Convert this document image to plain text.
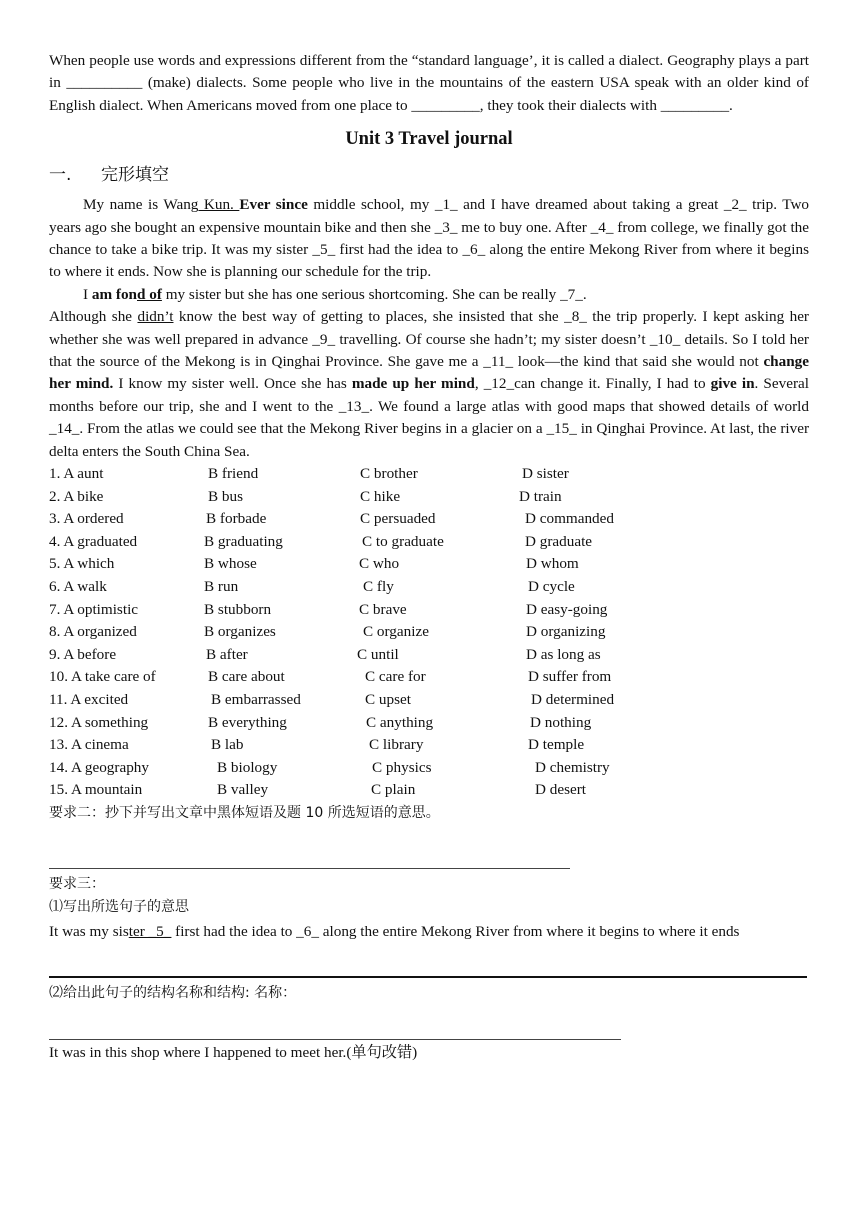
When people use words and expressions different from the “standard language’, it is called a dialect. Geography plays a part in __________ (make) dialects. Some people who live in the mountains of the eastern USA speak with an older kind of English dialect. When Americans moved from one place to _________, they took their dialects with _________.

Unit 3 Travel journal
一. 完形填空

My name is Wang Kun. Ever since middle school, my _1_ and I have dreamed about taking a great _2_ trip. Two years ago she bought an expensive mountain bike and then she _3_ me to buy one. After _4_ from college, we finally got the chance to take a bike trip. It was my sister _5_ first had the idea to _6_ along the entire Mekong River from where it begins to where it ends. Now she is planning our schedule for the trip.

I am fond of my sister but she has one serious shortcoming. She can be really _7_.

Although she didn’t know the best way of getting to places, she insisted that she _8_ the trip properly. I kept asking her whether she was well prepared in advance _9_ travelling. Of course she hadn’t; my sister doesn’t _10_ details. So I told her that the source of the Mekong is in Qinghai Province. She gave me a _11_ look—the kind that said she would not change her mind. I know my sister well. Once she has made up her mind, _12_can change it. Finally, I had to give in. Several months before our trip, she and I went to the _13_. We found a large atlas with good maps that showed details of world _14_. From the atlas we could see that the Mekong River begins in a glacier on a _15_ in Qinghai Province. At last, the river delta enters the South China Sea.

1. A aunt	B friend	C brother	D sister
2. A bike	B bus	C hike	D train
3. A ordered	B forbade	C persuaded	D commanded
4. A graduated	B graduating	C to graduate	D graduate
5. A which	B whose	C who	D whom
6. A walk	B run	C fly	D cycle
7. A optimistic	B stubborn	C brave	D easy-going
8. A organized	B organizes	C organize	D organizing
9. A before	B after	C until	D as long as
10. A take care of	B care about	C care for	D suffer from
11. A excited	B embarrassed	C upset	D determined
12. A something	B everything	C anything	D nothing
13. A cinema	B lab	C library	D temple
14. A geography	B biology	C physics	D chemistry
15. A mountain	B valley	C plain	D desert
要求二：抄下并写出文章中黑体短语及题 10 所选短语的意思。
要求三：
⑴写出所选句子的意思

It was my sister _5_ first had the idea to _6_ along the entire Mekong River from where it begins to where it ends

⑵给出此句子的结构名称和结构: 名称：
It was in this shop where I happened to meet her.(单句改错)
